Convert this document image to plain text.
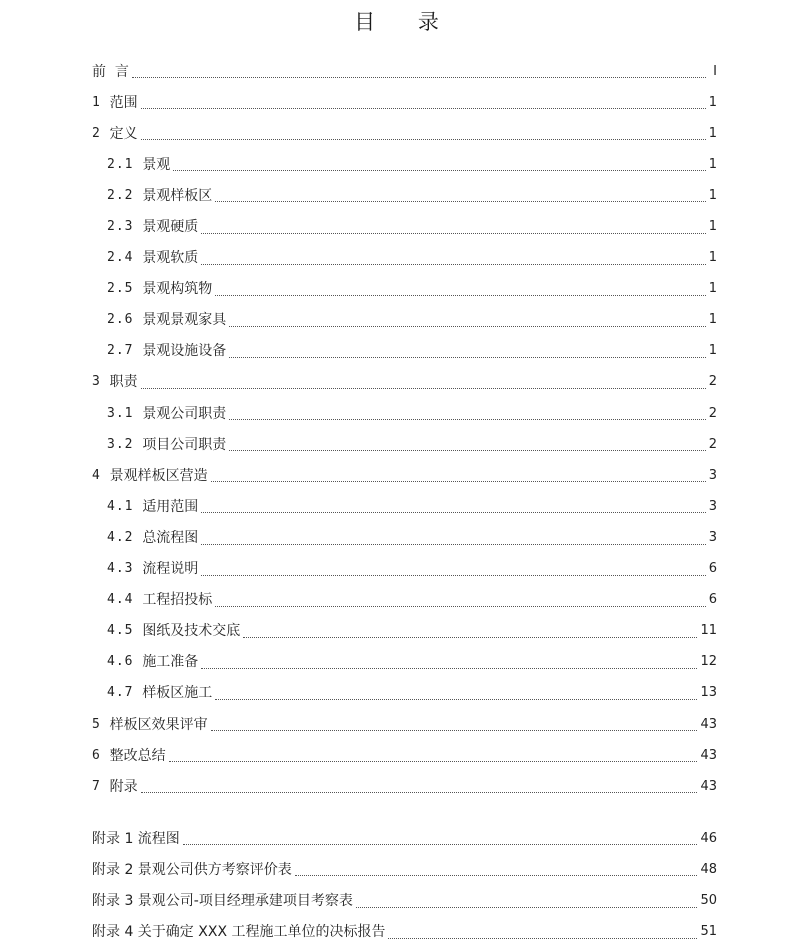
目 录
前  言	I
1 范围	1
2 定义	1
2.1 景观	1
2.2 景观样板区	1
2.3 景观硬质	1
2.4 景观软质	1
2.5 景观构筑物	1
2.6 景观景观家具	1
2.7 景观设施设备	1
3 职责	2
3.1 景观公司职责	2
3.2 项目公司职责	2
4 景观样板区营造	3
4.1 适用范围	3
4.2 总流程图	3
4.3 流程说明	6
4.4 工程招投标	6
4.5 图纸及技术交底	11
4.6 施工准备	12
4.7 样板区施工	13
5 样板区效果评审	43
6 整改总结	43
7 附录	43
附录 1 流程图	46
附录 2 景观公司供方考察评价表	48
附录 3 景观公司-项目经理承建项目考察表	50
附录 4 关于确定 XXX 工程施工单位的决标报告	51
